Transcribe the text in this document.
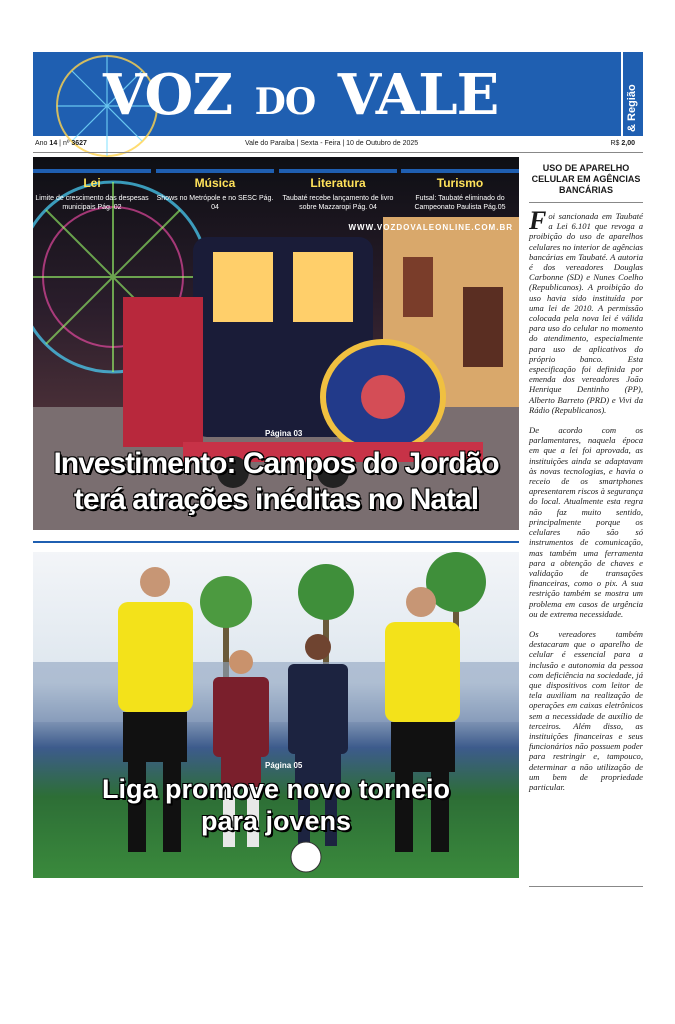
VOZ DO VALE	& Região
Ano 14 | nº 3627	Vale do Paraíba | Sexta - Feira | 10 de Outubro de 2025	R$ 2,00
Lei
Limite de crescimento das despesas municipais Pág. 02
Música
Shows no Metrópole e no SESC Pág. 04
Literatura
Taubaté recebe lançamento de livro sobre Mazzaropi Pág. 04
Turismo
Futsal: Taubaté eliminado do Campeonato Paulista Pág.05
WWW.VOZDOVALEONLINE.COM.BR
Página 03
Investimento: Campos do Jordão
terá atrações inéditas no Natal
Página 05
Liga promove novo torneio
para jovens
USO DE APARELHO CELULAR EM AGÊNCIAS BANCÁRIAS

Foi sancionada em Taubaté a Lei 6.101 que revoga a proibição do uso de aparelhos celulares no interior de agências bancárias em Taubaté. A autoria é dos vereadores Douglas Carbonne (SD) e Nunes Coelho (Republicanos). A proibição do uso havia sido instituída por uma lei de 2010. A permissão colocada pela nova lei é válida para uso do celular no momento do atendimento, especialmente para uso de aplicativos do próprio banco. Esta especificação foi definida por emenda dos vereadores João Henrique Dentinho (PP), Alberto Barreto (PRD) e Vivi da Rádio (Republicanos).

De acordo com os parlamentares, naquela época em que a lei foi aprovada, as instituições ainda se adaptavam às novas tecnologias, e havia o receio de os smartphones apresentarem riscos à segurança do local. Atualmente esta regra não faz muito sentido, principalmente porque os celulares não são só instrumentos de comunicação, mas também uma ferramenta para a obtenção de chaves e validação de transações financeiras, como o pix. A sua restrição também se mostra um problema em casos de urgência ou de extrema necessidade.

Os vereadores também destacaram que o aparelho de celular é essencial para a inclusão e autonomia da pessoa com deficiência na sociedade, já que dispositivos com leitor de tela auxiliam na realização de operações em caixas eletrônicos sem a necessidade de auxílio de terceiros. Além disso, as instituições financeiras e seus funcionários não possuem poder para restringir e, tampouco, determinar a não utilização de um bem de propriedade particular.
